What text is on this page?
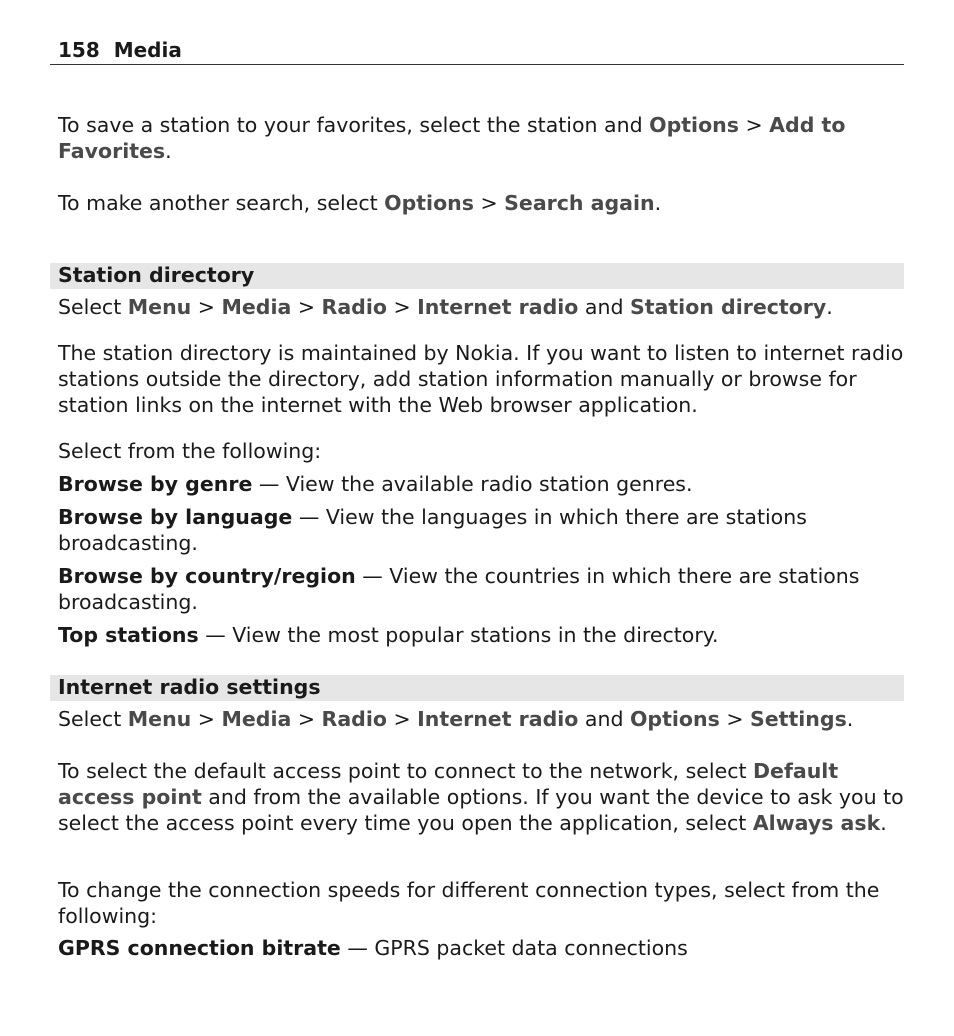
158 Media
To save a station to your favorites, select the station and Options > Add to Favorites.
To make another search, select Options > Search again.
Station directory
Select Menu > Media > Radio > Internet radio and Station directory.
The station directory is maintained by Nokia. If you want to listen to internet radio stations outside the directory, add station information manually or browse for station links on the internet with the Web browser application.
Select from the following:
Browse by genre — View the available radio station genres.
Browse by language — View the languages in which there are stations broadcasting.
Browse by country/region — View the countries in which there are stations broadcasting.
Top stations — View the most popular stations in the directory.
Internet radio settings
Select Menu > Media > Radio > Internet radio and Options > Settings.
To select the default access point to connect to the network, select Default access point and from the available options. If you want the device to ask you to select the access point every time you open the application, select Always ask.
To change the connection speeds for different connection types, select from the following:
GPRS connection bitrate — GPRS packet data connections
